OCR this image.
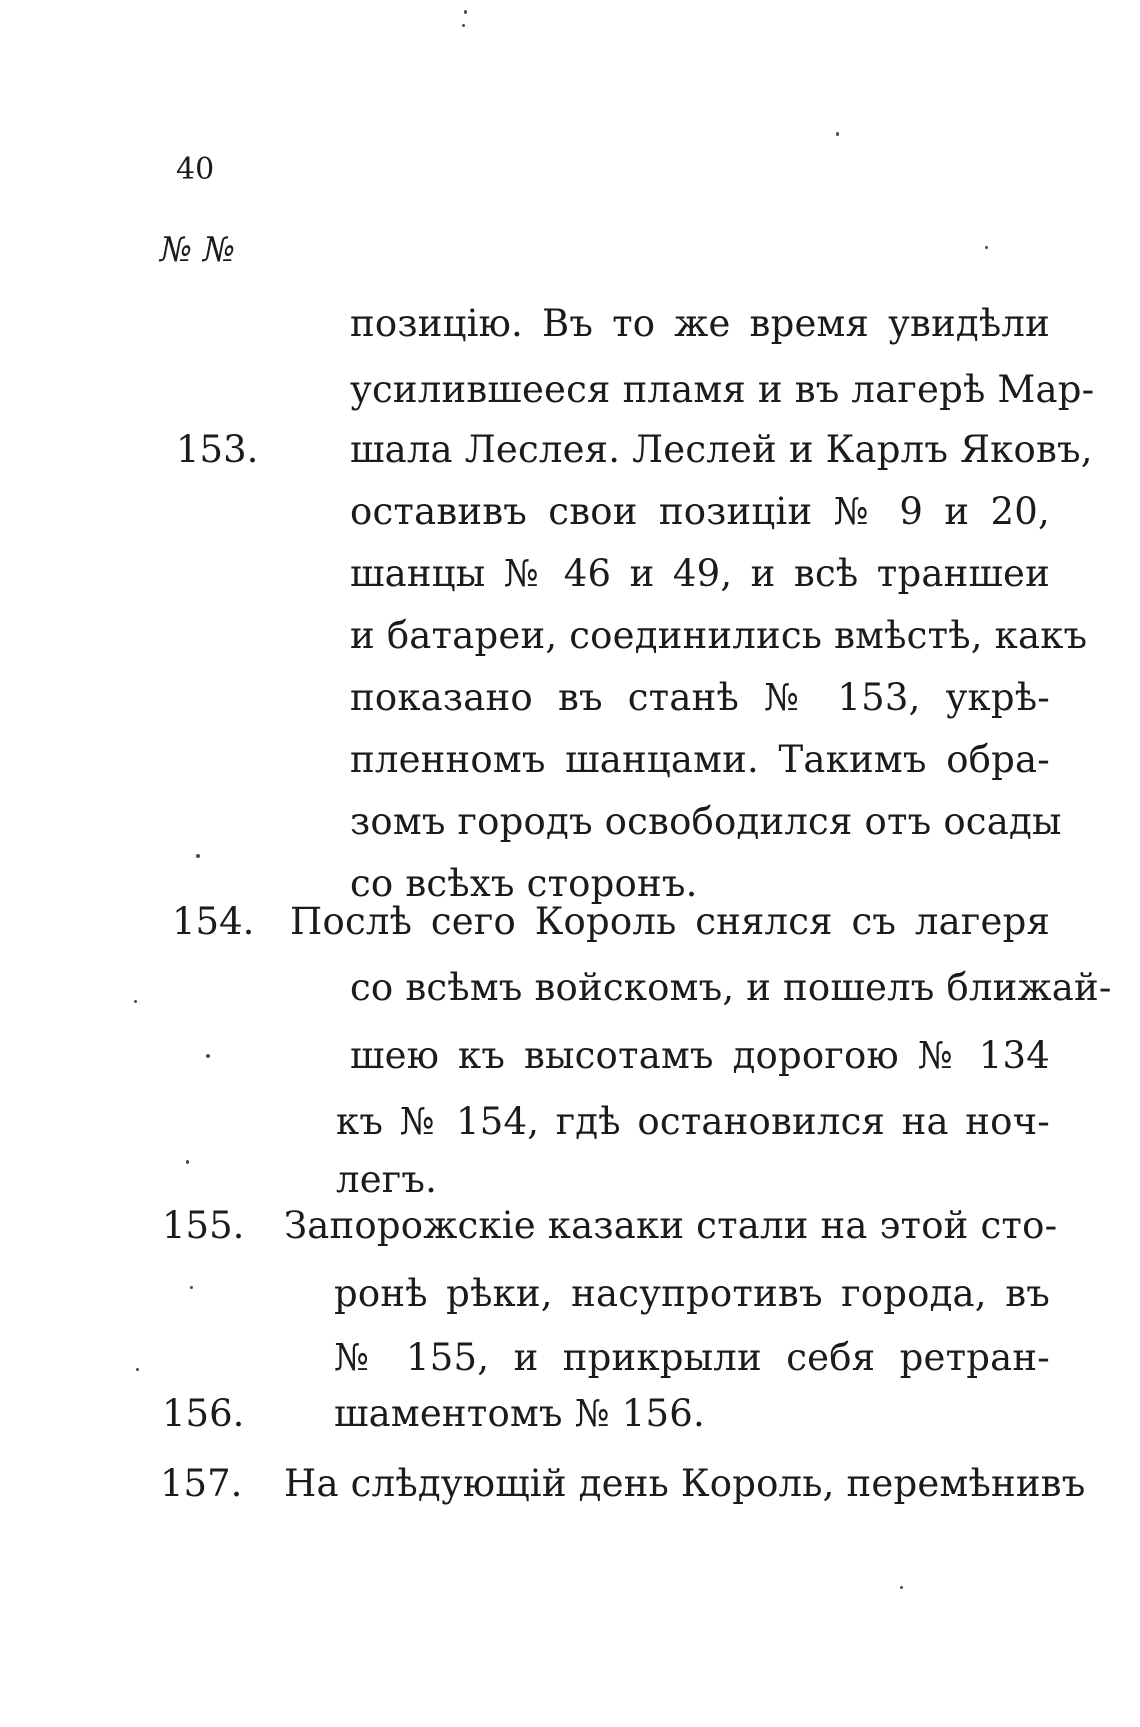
40
№ №
позицію. Въ то же время увидѣли
усилившееся пламя и въ лагерѣ Мар-
153. шала Леслея. Леслей и Карлъ Яковъ,
оставивъ свои позиціи № 9 и 20,
шанцы № 46 и 49, и всѣ траншеи
и батареи, соединились вмѣстѣ, какъ
показано въ станѣ № 153, укрѣ-
пленномъ шанцами. Такимъ обра-
зомъ городъ освободился отъ осады
со всѣхъ сторонъ.
154. Послѣ сего Король снялся съ лагеря
со всѣмъ войскомъ, и пошелъ ближай-
шею къ высотамъ дорогою № 134
къ № 154, гдѣ остановился на ноч-
легъ.
155. Запорожскіе казаки стали на этой сто-
ронѣ рѣки, насупротивъ города, въ
№ 155, и прикрыли себя ретран-
156. шаментомъ № 156.
157. На слѣдующій день Король, перемѣнивъ
